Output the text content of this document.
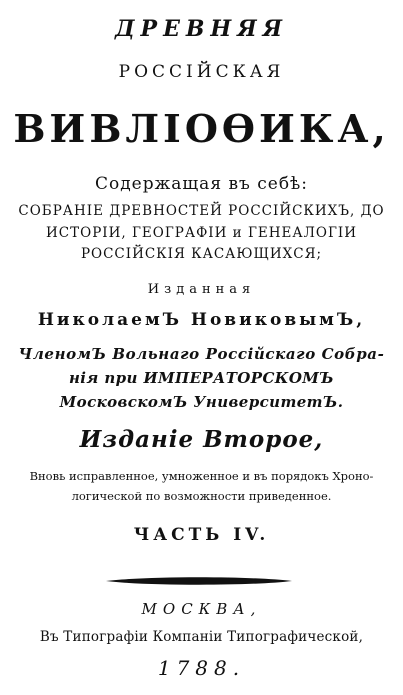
ДРЕВНЯЯ
РОССІЙСКАЯ
ВИВЛІОѲИКА,
Содержащая въ себѣ:
СОБРАНІЕ ДРЕВНОСТЕЙ РОССІЙСКИХЪ, ДО
ИСТОРІИ, ГЕОГРАФІИ и ГЕНЕАЛОГІИ
РОССІЙСКІЯ КАСАЮЩИХСЯ;
Изданная
НиколаемЪ НовиковымЪ,
ЧленомЪ Вольнаго Россійскаго Собра-
нія при ИМПЕРАТОРСКОМЪ
МосковскомЪ УниверситетЪ.
Изданіе Второе,
Вновь исправленное, умноженное и въ порядокъ Хроно-
логической по возможности приведенное.
ЧАСТЬ IV.
МОСКВА,
Въ Типографіи Компаніи Типографической,
1788.
